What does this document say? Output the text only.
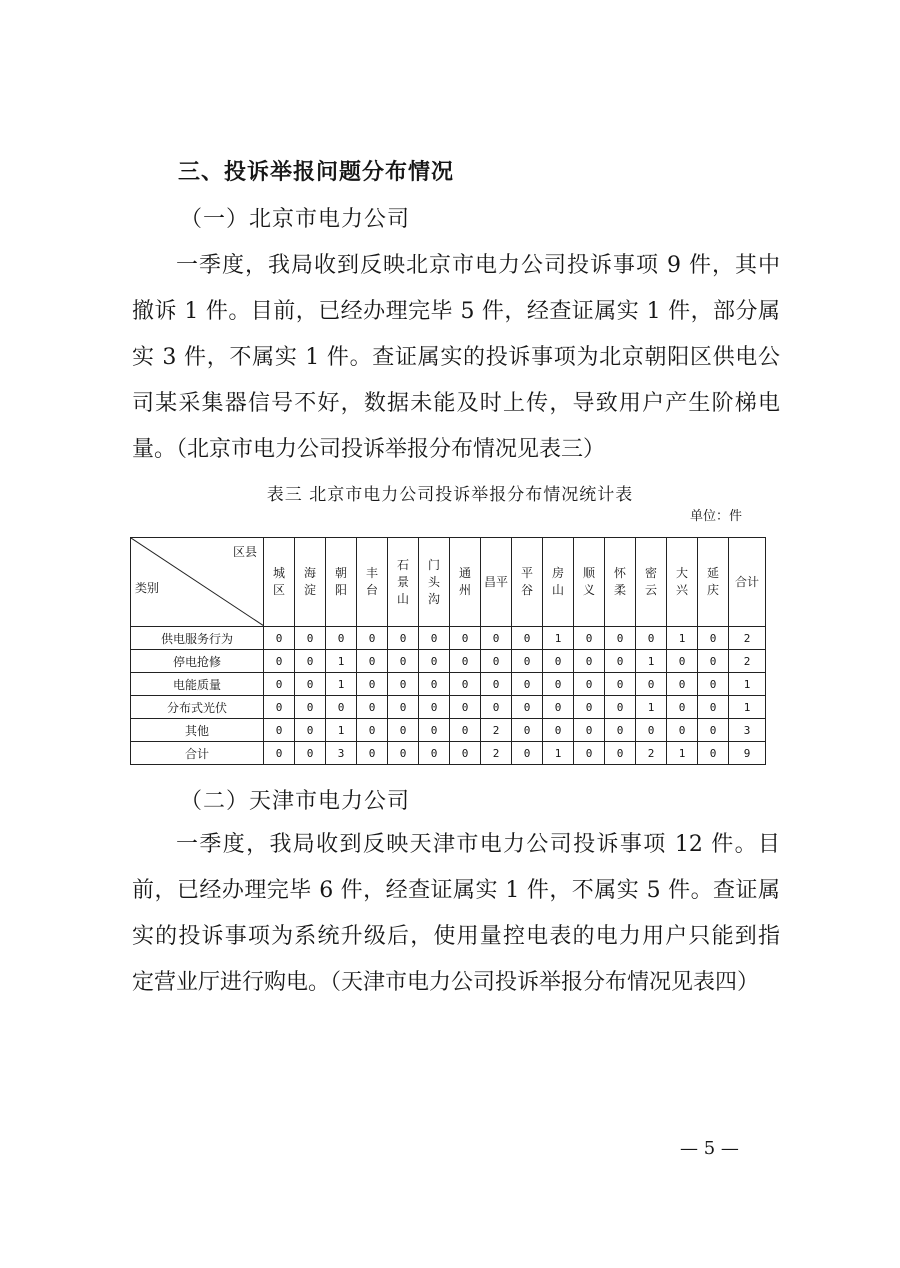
三、投诉举报问题分布情况
（一）北京市电力公司
一季度，我局收到反映北京市电力公司投诉事项 9 件，其中
撤诉 1 件。目前，已经办理完毕 5 件，经查证属实 1 件，部分属
实 3 件，不属实 1 件。查证属实的投诉事项为北京朝阳区供电公
司某采集器信号不好，数据未能及时上传，导致用户产生阶梯电
量。（北京市电力公司投诉举报分布情况见表三）
表三 北京市电力公司投诉举报分布情况统计表
单位：件
区县
类别	城区	海淀	朝阳	丰台	石景山	门头沟	通州	昌平	平谷	房山	顺义	怀柔	密云	大兴	延庆	合计
供电服务行为	0	0	0	0	0	0	0	0	0	1	0	0	0	1	0	2
停电抢修	0	0	1	0	0	0	0	0	0	0	0	0	1	0	0	2
电能质量	0	0	1	0	0	0	0	0	0	0	0	0	0	0	0	1
分布式光伏	0	0	0	0	0	0	0	0	0	0	0	0	1	0	0	1
其他	0	0	1	0	0	0	0	2	0	0	0	0	0	0	0	3
合计	0	0	3	0	0	0	0	2	0	1	0	0	2	1	0	9
（二）天津市电力公司
一季度，我局收到反映天津市电力公司投诉事项 12 件。目
前，已经办理完毕 6 件，经查证属实 1 件，不属实 5 件。查证属
实的投诉事项为系统升级后，使用量控电表的电力用户只能到指
定营业厅进行购电。（天津市电力公司投诉举报分布情况见表四）
— 5 —
